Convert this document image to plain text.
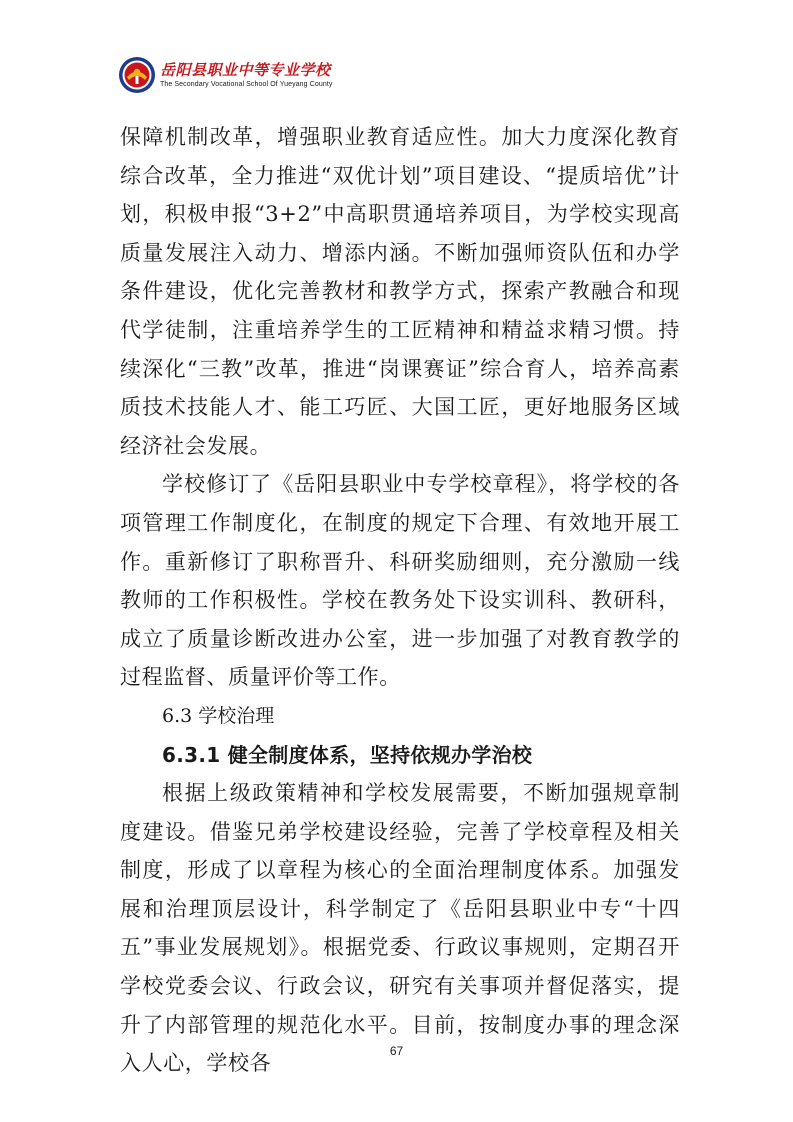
岳阳县职业中等专业学校
The Secondary Vocational School Of Yueyang County

保障机制改革，增强职业教育适应性。加大力度深化教育综合改革，全力推进“双优计划”项目建设、“提质培优”计划，积极申报“3+2”中高职贯通培养项目，为学校实现高质量发展注入动力、增添内涵。不断加强师资队伍和办学条件建设，优化完善教材和教学方式，探索产教融合和现代学徒制，注重培养学生的工匠精神和精益求精习惯。持续深化“三教”改革，推进“岗课赛证”综合育人，培养高素质技术技能人才、能工巧匠、大国工匠，更好地服务区域经济社会发展。

学校修订了《岳阳县职业中专学校章程》，将学校的各项管理工作制度化，在制度的规定下合理、有效地开展工作。重新修订了职称晋升、科研奖励细则，充分激励一线教师的工作积极性。学校在教务处下设实训科、教研科，成立了质量诊断改进办公室，进一步加强了对教育教学的过程监督、质量评价等工作。

6.3 学校治理

6.3.1 健全制度体系，坚持依规办学治校

根据上级政策精神和学校发展需要，不断加强规章制度建设。借鉴兄弟学校建设经验，完善了学校章程及相关制度，形成了以章程为核心的全面治理制度体系。加强发展和治理顶层设计，科学制定了《岳阳县职业中专“十四五”事业发展规划》。根据党委、行政议事规则，定期召开学校党委会议、行政会议，研究有关事项并督促落实，提升了内部管理的规范化水平。目前，按制度办事的理念深入人心，学校各

67
